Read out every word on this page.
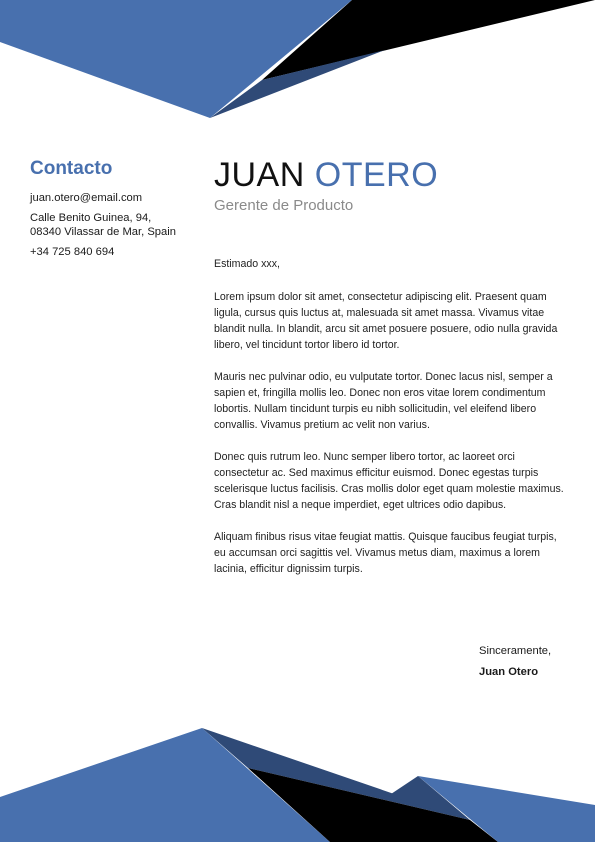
Contacto

juan.otero@email.com

Calle Benito Guinea, 94,
08340 Vilassar de Mar, Spain

+34 725 840 694

JUAN OTERO

Gerente de Producto

Estimado xxx,

Lorem ipsum dolor sit amet, consectetur adipiscing elit. Praesent quam ligula, cursus quis luctus at, malesuada sit amet massa. Vivamus vitae blandit nulla. In blandit, arcu sit amet posuere posuere, odio nulla gravida libero, vel tincidunt tortor libero id tortor.

Mauris nec pulvinar odio, eu vulputate tortor. Donec lacus nisl, semper a sapien et, fringilla mollis leo. Donec non eros vitae lorem condimentum lobortis. Nullam tincidunt turpis eu nibh sollicitudin, vel eleifend libero convallis. Vivamus pretium ac velit non varius.

Donec quis rutrum leo. Nunc semper libero tortor, ac laoreet orci consectetur ac. Sed maximus efficitur euismod. Donec egestas turpis scelerisque luctus facilisis. Cras mollis dolor eget quam molestie maximus. Cras blandit nisl a neque imperdiet, eget ultrices odio dapibus.

Aliquam finibus risus vitae feugiat mattis. Quisque faucibus feugiat turpis, eu accumsan orci sagittis vel. Vivamus metus diam, maximus a lorem lacinia, efficitur dignissim turpis.

Sinceramente,
Juan Otero
